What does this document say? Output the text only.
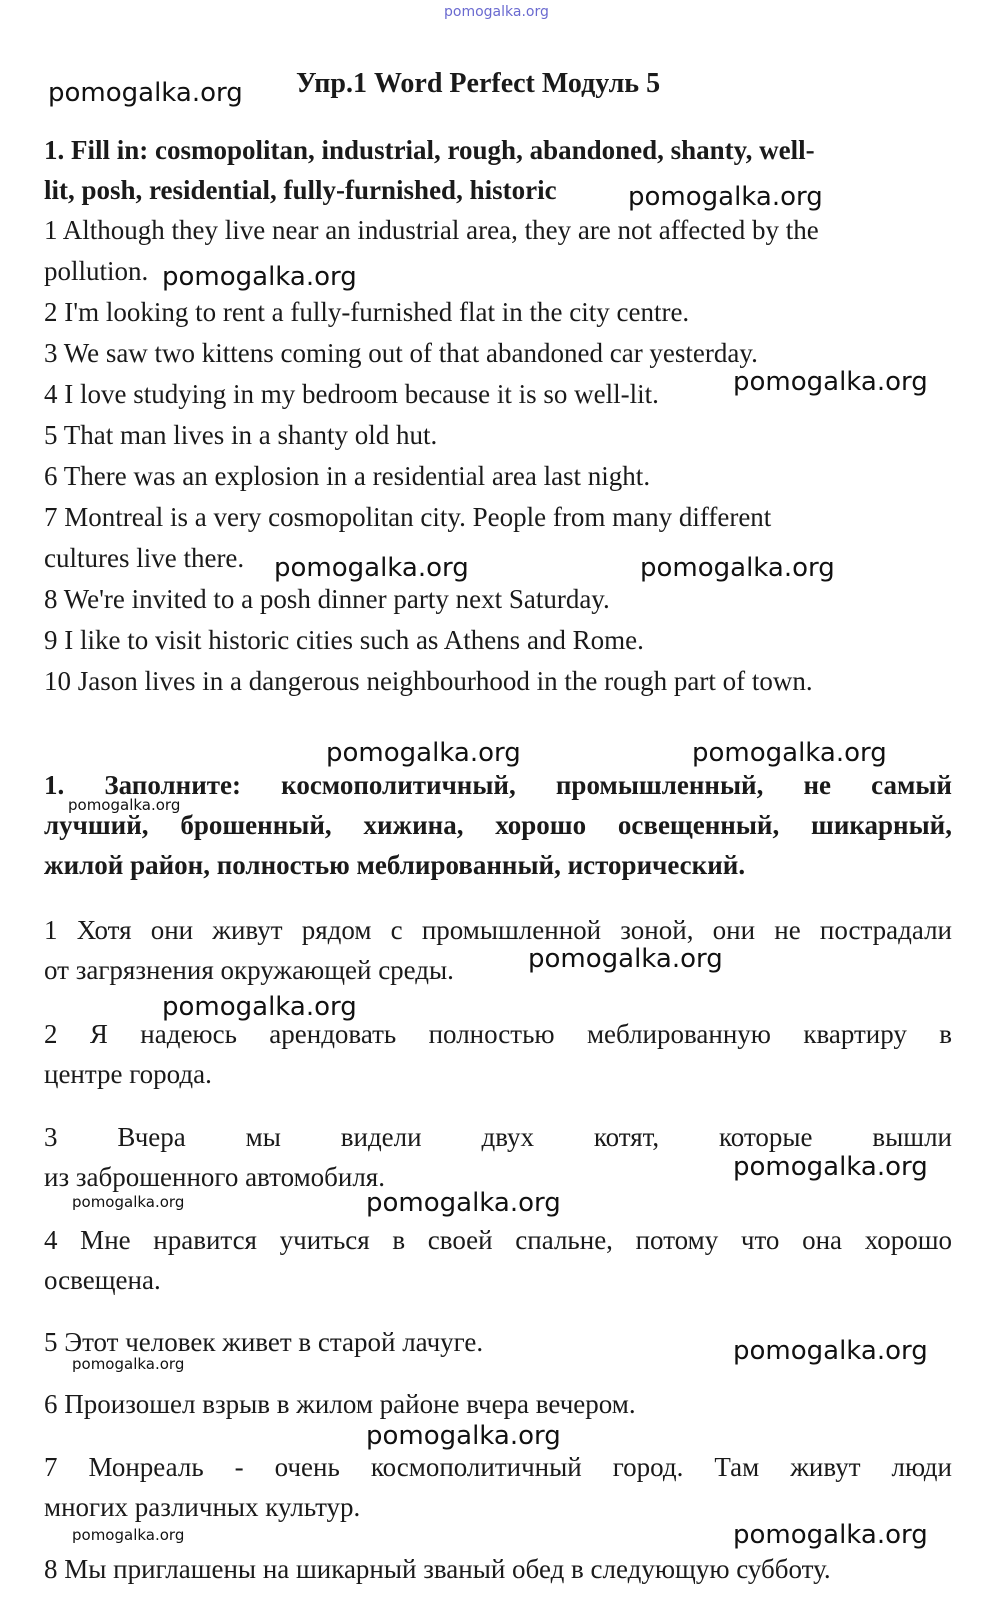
pomogalka.org
pomogalka.org Упр.1 Word Perfect Модуль 5
1. Fill in: cosmopolitan, industrial, rough, abandoned, shanty, well-
lit, posh, residential, fully-furnished, historic	pomogalka.org
1 Although they live near an industrial area, they are not affected by the
pollution. pomogalka.org
2 I'm looking to rent a fully-furnished flat in the city centre.
3 We saw two kittens coming out of that abandoned car yesterday.
4 I love studying in my bedroom because it is so well-lit.	pomogalka.org
5 That man lives in a shanty old hut.
6 There was an explosion in a residential area last night.
7 Montreal is a very cosmopolitan city. People from many different
cultures live there. pomogalka.org	pomogalka.org
8 We're invited to a posh dinner party next Saturday.
9 I like to visit historic cities such as Athens and Rome.
10 Jason lives in a dangerous neighbourhood in the rough part of town.
pomogalka.org	pomogalka.org
1. Заполните: космополитичный, промышленный, не самый
pomogalka.org
лучший, брошенный, хижина, хорошо освещенный, шикарный,
жилой район, полностью меблированный, исторический.
1 Хотя они живут рядом с промышленной зоной, они не пострадали
от загрязнения окружающей среды.	pomogalka.org
pomogalka.org
2 Я надеюсь арендовать полностью меблированную квартиру в
центре города.
3 Вчера мы видели двух котят, которые вышли
из заброшенного автомобиля.	pomogalka.org
pomogalka.org	pomogalka.org
4 Мне нравится учиться в своей спальне, потому что она хорошо
освещена.
5 Этот человек живет в старой лачуге.
pomogalka.org	pomogalka.org
6 Произошел взрыв в жилом районе вчера вечером.
pomogalka.org
7 Монреаль - очень космополитичный город. Там живут люди
многих различных культур.
pomogalka.org	pomogalka.org
8 Мы приглашены на шикарный званый обед в следующую субботу.
